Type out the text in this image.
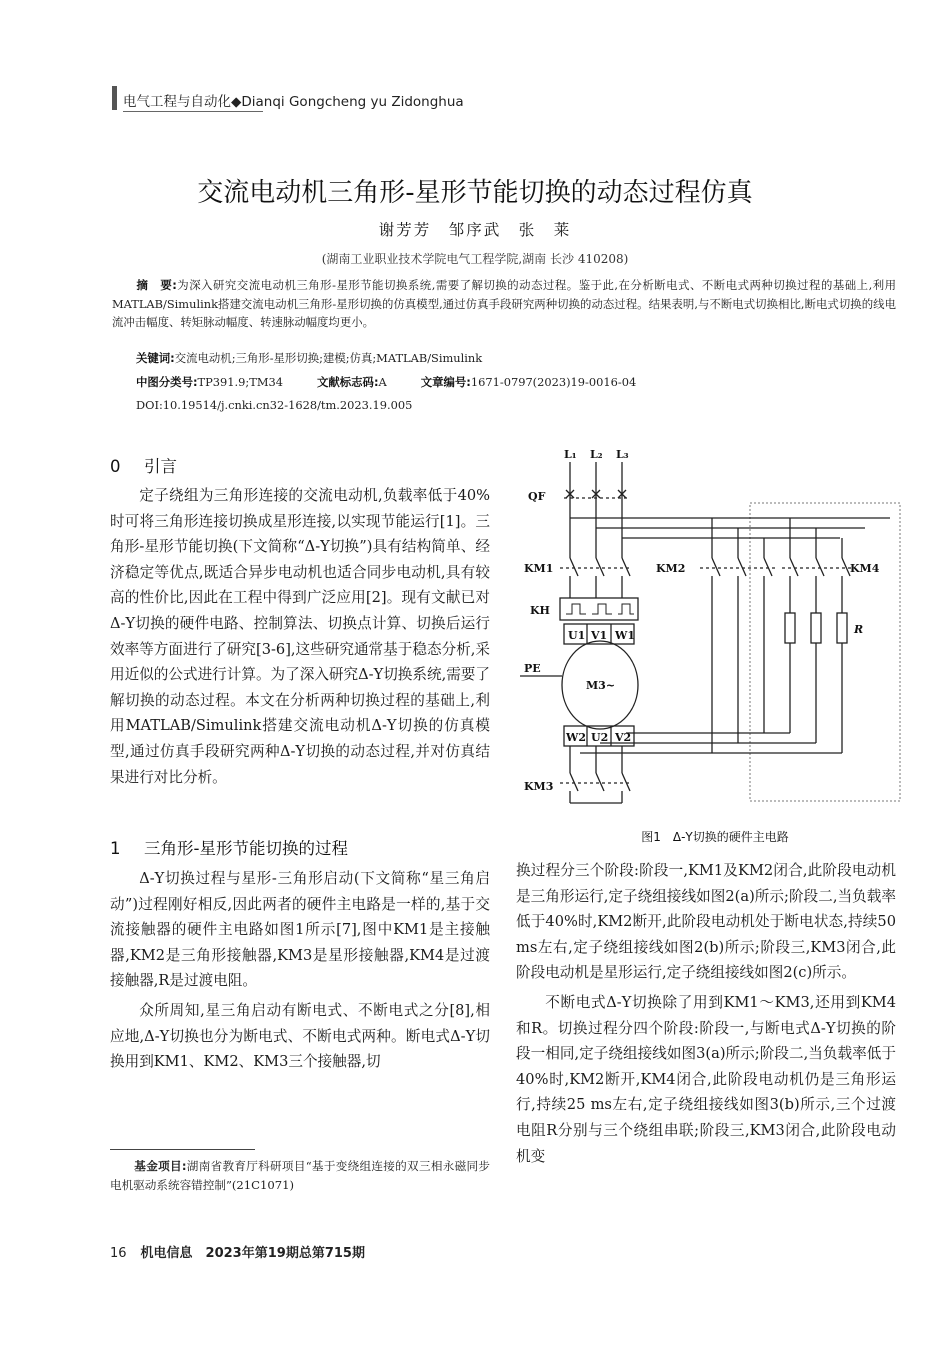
电气工程与自动化◆Dianqi Gongcheng yu Zidonghua
交流电动机三角形-星形节能切换的动态过程仿真
谢芳芳　邹序武　张　莱
(湖南工业职业技术学院电气工程学院,湖南 长沙 410208)
摘　要:为深入研究交流电动机三角形-星形节能切换系统,需要了解切换的动态过程。鉴于此,在分析断电式、不断电式两种切换过程的基础上,利用MATLAB/Simulink搭建交流电动机三角形-星形切换的仿真模型,通过仿真手段研究两种切换的动态过程。结果表明,与不断电式切换相比,断电式切换的线电流冲击幅度、转矩脉动幅度、转速脉动幅度均更小。
关键词:交流电动机;三角形-星形切换;建模;仿真;MATLAB/Simulink
中图分类号:TP391.9;TM34	文献标志码:A	文章编号:1671-0797(2023)19-0016-04
DOI:10.19514/j.cnki.cn32-1628/tm.2023.19.005
0 引言

定子绕组为三角形连接的交流电动机,负载率低于40%时可将三角形连接切换成星形连接,以实现节能运行[1]。三角形-星形节能切换(下文简称“Δ-Y切换”)具有结构简单、经济稳定等优点,既适合异步电动机也适合同步电动机,具有较高的性价比,因此在工程中得到广泛应用[2]。现有文献已对Δ-Y切换的硬件电路、控制算法、切换点计算、切换后运行效率等方面进行了研究[3-6],这些研究通常基于稳态分析,采用近似的公式进行计算。为了深入研究Δ-Y切换系统,需要了解切换的动态过程。本文在分析两种切换过程的基础上,利用MATLAB/Simulink搭建交流电动机Δ-Y切换的仿真模型,通过仿真手段研究两种Δ-Y切换的动态过程,并对仿真结果进行对比分析。

1 三角形-星形节能切换的过程

Δ-Y切换过程与星形-三角形启动(下文简称“星三角启动”)过程刚好相反,因此两者的硬件主电路是一样的,基于交流接触器的硬件主电路如图1所示[7],图中KM1是主接触器,KM2是三角形接触器,KM3是星形接触器,KM4是过渡接触器,R是过渡电阻。

众所周知,星三角启动有断电式、不断电式之分[8],相应地,Δ-Y切换也分为断电式、不断电式两种。断电式Δ-Y切换用到KM1、KM2、KM3三个接触器,切

基金项目:湖南省教育厅科研项目“基于变绕组连接的双三相永磁同步电机驱动系统容错控制”(21C1071)
L₁ L₂ L₃
QF
KM1	KM2	KM4
KH
U1 V1 W1
PE
M3~
W2 U2 V2
KM3
R
图1　Δ-Y切换的硬件主电路

换过程分三个阶段:阶段一,KM1及KM2闭合,此阶段电动机是三角形运行,定子绕组接线如图2(a)所示;阶段二,当负载率低于40%时,KM2断开,此阶段电动机处于断电状态,持续50 ms左右,定子绕组接线如图2(b)所示;阶段三,KM3闭合,此阶段电动机是星形运行,定子绕组接线如图2(c)所示。

不断电式Δ-Y切换除了用到KM1～KM3,还用到KM4和R。切换过程分四个阶段:阶段一,与断电式Δ-Y切换的阶段一相同,定子绕组接线如图3(a)所示;阶段二,当负载率低于40%时,KM2断开,KM4闭合,此阶段电动机仍是三角形运行,持续25 ms左右,定子绕组接线如图3(b)所示,三个过渡电阻R分别与三个绕组串联;阶段三,KM3闭合,此阶段电动机变

16 机电信息　2023年第19期总第715期
